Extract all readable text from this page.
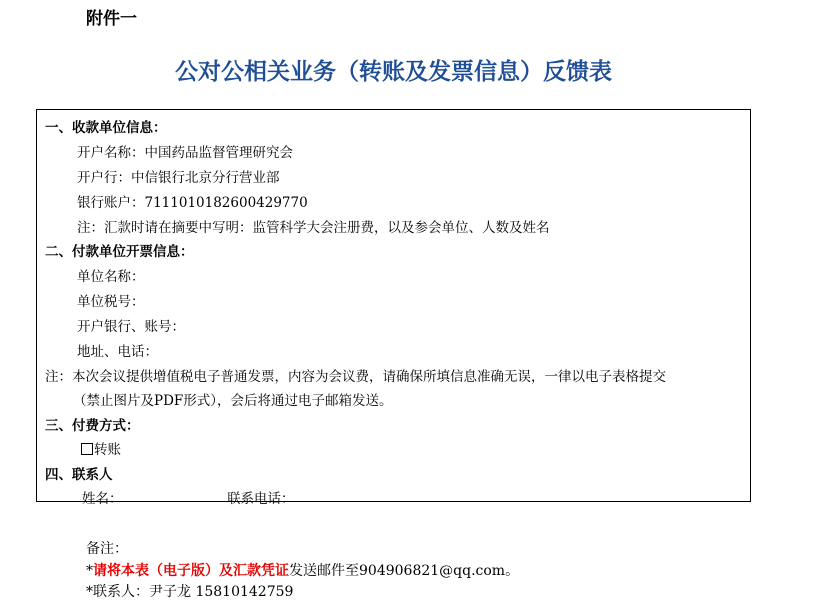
附件一
公对公相关业务（转账及发票信息）反馈表
一、收款单位信息：
开户名称：中国药品监督管理研究会
开户行：中信银行北京分行营业部
银行账户：7111010182600429770
注：汇款时请在摘要中写明：监管科学大会注册费，以及参会单位、人数及姓名
二、付款单位开票信息：
单位名称：
单位税号：
开户银行、账号：
地址、电话：
注：本次会议提供增值税电子普通发票，内容为会议费，请确保所填信息准确无误，一律以电子表格提交
（禁止图片及PDF形式），会后将通过电子邮箱发送。
三、付费方式：
转账
四、联系人
姓名：	联系电话：
备注：
*请将本表（电子版）及汇款凭证发送邮件至904906821@qq.com。
*联系人：尹子龙 15810142759
